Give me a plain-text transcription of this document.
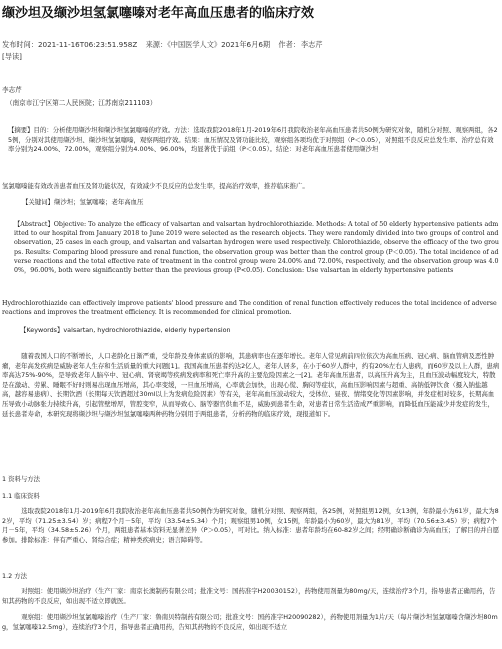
缬沙坦及缬沙坦氢氯噻嗪对老年高血压患者的临床疗效
发布时间：2021-11-16T06:23:51.958Z 来源：《中国医学人文》2021年6月6期 作者：李志芹
[导读]
李志芹
（南京市江宁区第二人民医院；江苏南京211103）
【摘要】目的：分析使用缬沙坦和缬沙坦氢氯噻嗪的疗效。方法：选取我院2018年1月-2019年6月我院收治老年高血压患者共50例为研究对象，随机分对照、观察两组，各25例，分别对其使用缬沙坦、缬沙坦氢氯噻嗪，观察两组疗效。结果：血压情况及肾功能比较，观察组各项均优于对照组（P＜0.05），对照组不良反应总发生率、治疗总有效率分别为24.00%、72.00%，观察组分别为4.00%、96.00%，均显著优于前组（P＜0.05）。结论：对老年高血压患者使用缬沙坦
氢氯噻嗪能有效改善患者血压及肾功能状况，有效减少不良反应的总发生率，提高治疗效率，推荐临床推广。
【关键词】缬沙坦；氢氯噻嗪；老年高血压
【Abstract】Objective: To analyze the efficacy of valsartan and valsartan hydrochlorothiazide. Methods: A total of 50 elderly hypertensive patients admitted to our hospital from January 2018 to June 2019 were selected as the research objects. They were randomly divided into two groups of control and observation, 25 cases in each group, and valsartan and valsartan hydrogen were used respectively. Chlorothiazide, observe the efficacy of the two groups. Results: Comparing blood pressure and renal function, the observation group was better than the control group (P＜0.05). The total incidence of adverse reactions and the total effective rate of treatment in the control group were 24.00% and 72.00%, respectively, and the observation group was 4.00%，96.00%, both were significantly better than the previous group (P<0.05). Conclusion: Use valsartan in elderly hypertensive patients
Hydrochlorothiazide can effectively improve patients' blood pressure and The condition of renal function effectively reduces the total incidence of adverse reactions and improves the treatment efficiency. It is recommended for clinical promotion.
【Keywords】valsartan, hydrochlorothiazide, elderly hypertension
随着我国人口的不断增长，人口老龄化日渐严重，受年龄及身体素质的影响，其患病率也在逐年增长。老年人常见病前四位依次为高血压病、冠心病、脑血管病及恶性肿瘤，老年高发疾病是威胁老年人生存和生活质量的重大问题[1]。我国高血压患者约达2亿人，老年人居多，在小于60岁人群中，约有20%左右人患病，而60岁及以上人群，患病率高达75%-90%，是导致老年人脑卒中、冠心病、肾衰竭等疾病发病率和死亡率升高的主要危险因素之一[2]。老年高血压患者，以高压升高为主，且血压波动幅度较大，特散是在激动、劳累、睡眠不好时则易出现血压增高，其心率变缓，一旦血压增高，心率就会加快，出现心慌、胸闷等症状，高血压影响因素与超重、高钠低钾饮食（摄入钠盐越高，越容易患病）、长期饮酒（长期每天饮酒超过30ml以上为发病危险因素）等有关，老年高血压波动较大，受体位、昼夜、情绪变化等因素影响，并发症相对较多，长期高血压导致小动脉张力持续升高，引起管壁增厚，管腔变窄，从而导致心、脑等器官供血不足，威胁到患者生命，对患者日常生活造成严重影响，而降低血压能减少并发症的发生，延长患者寿命，本研究现将缬沙坦与缬沙坦氢氯噻嗪两种药物分别用于两组患者，分析药物的临床疗效，现报道如下。
1 资料与方法
1.1 临床资料
选取我院2018年1月-2019年6月我院收治老年高血压患者共50例作为研究对象，随机分对照、观察两组，各25例，对照组男12例，女13例，年龄最小为61岁，最大为82岁，平均（71.25±3.54）岁；病程7个月－5年，平均（33.54±5.34）个月；观察组男10例，女15例，年龄最小为60岁，最大为81岁，平均（70.56±3.45）岁；病程7个月－5年，平均（34.58±5.26）个月，两组患者基本资料无显著差异（P＞0.05），可对比。纳入标准：患者年龄均在60-82岁之间；经明确诊断确诊为高血压；了解目的并自愿参加。排除标准：伴有严重心、肾综合症；精神类疾病史；语言障碍等。
1.2 方法
对照组：使用缬沙坦治疗（生产厂家：南京长澳制药有限公司；批准文号：国药准字H20030152），药物使用剂量为80mg/天，连续治疗3个月，指导患者正确用药，告知其药物的不良反应，如出现不适立即就医。
观察组：使用缬沙坦氢氯噻嗪治疗（生产厂家：鲁南贝特制药有限公司；批准文号：国药准字H20090282），药物使用剂量为1片/天（每片缬沙坦氢氯噻嗪含缬沙坦80mg，氢氯噻嗪12.5mg），连续治疗3个月，指导患者正确用药，告知其药物的不良反应，如出现不适立
